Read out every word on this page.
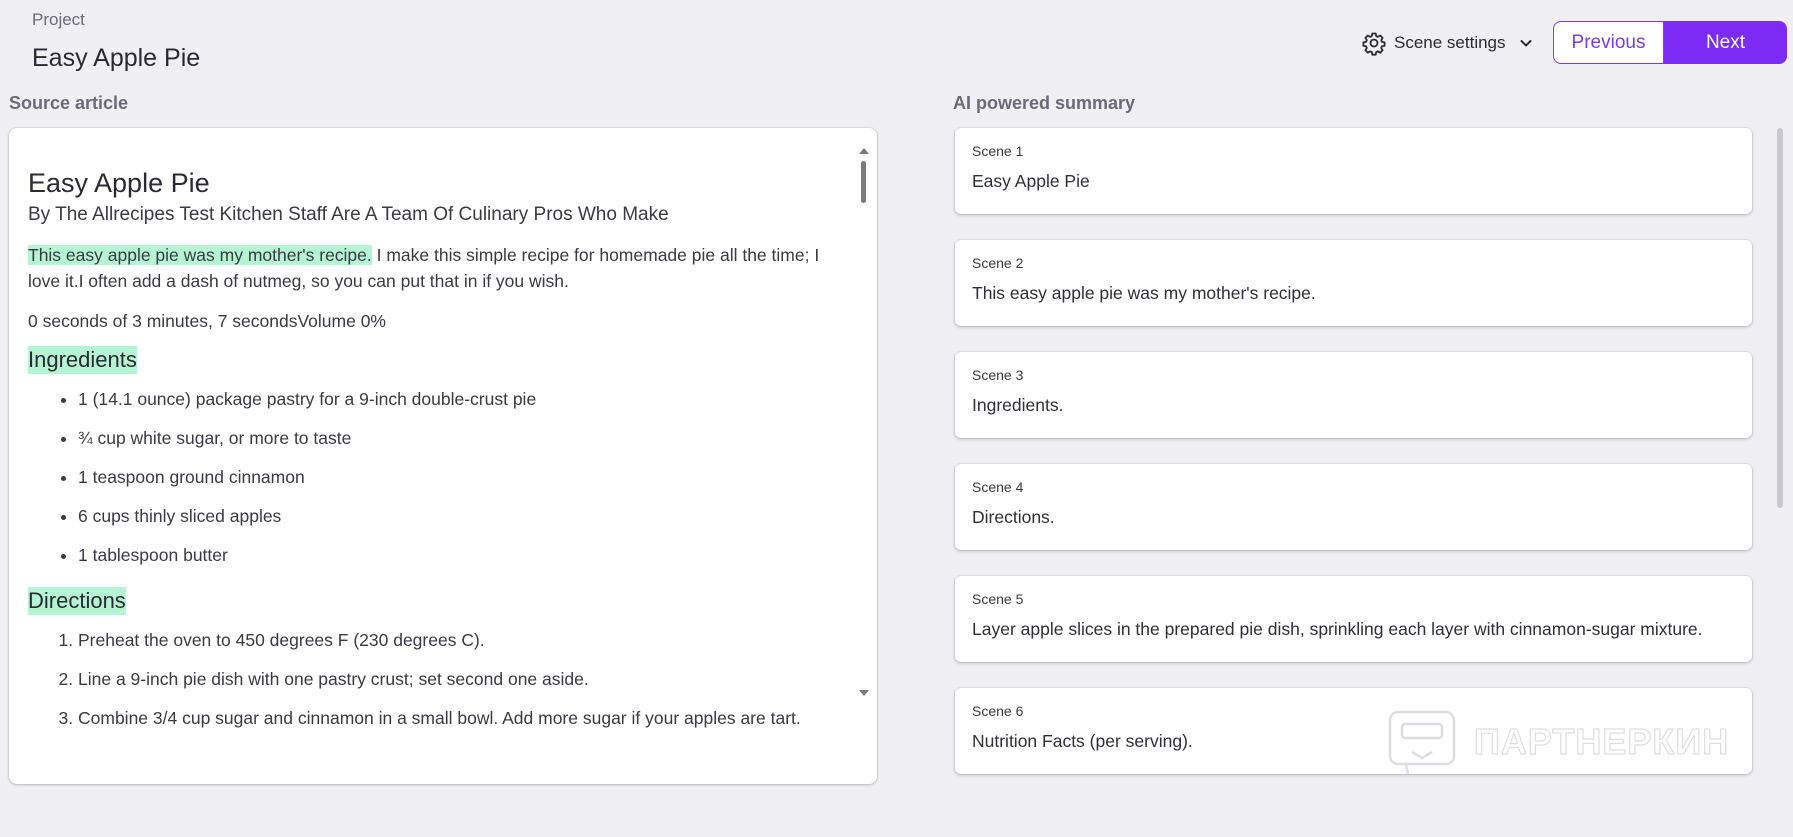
Project
Easy Apple Pie
Scene settings	Previous	Next
Source article	AI powered summary
Easy Apple Pie
By The Allrecipes Test Kitchen Staff Are A Team Of Culinary Pros Who Make
This easy apple pie was my mother's recipe. I make this simple recipe for homemade pie all the time; I love it.I often add a dash of nutmeg, so you can put that in if you wish.
0 seconds of 3 minutes, 7 secondsVolume 0%
Ingredients
• 1 (14.1 ounce) package pastry for a 9-inch double-crust pie
• ¾ cup white sugar, or more to taste
• 1 teaspoon ground cinnamon
• 6 cups thinly sliced apples
• 1 tablespoon butter
Directions
1. Preheat the oven to 450 degrees F (230 degrees C).
2. Line a 9-inch pie dish with one pastry crust; set second one aside.
3. Combine 3/4 cup sugar and cinnamon in a small bowl. Add more sugar if your apples are tart.
Scene 1
Easy Apple Pie
Scene 2
This easy apple pie was my mother's recipe.
Scene 3
Ingredients.
Scene 4
Directions.
Scene 5
Layer apple slices in the prepared pie dish, sprinkling each layer with cinnamon-sugar mixture.
Scene 6
Nutrition Facts (per serving).	ПАРТНЕРКИН
